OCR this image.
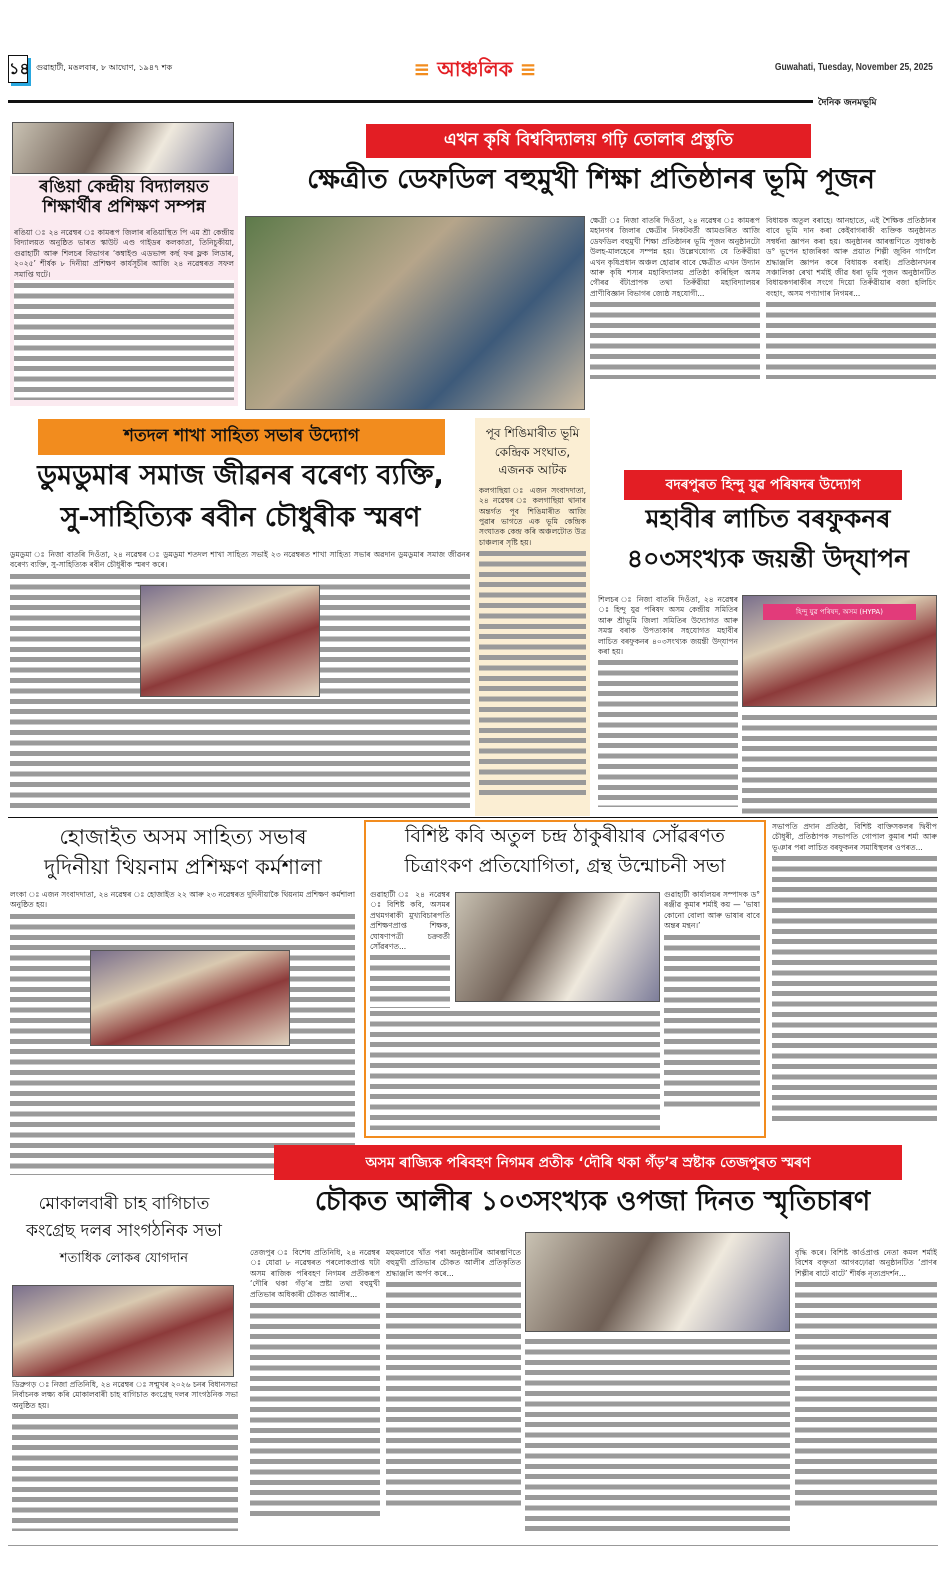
১৪ গুৱাহাটী, মঙলবাৰ, ৮ আঘোণ, ১৯৪৭ শক	≡ আঞ্চলিক ≡	Guwahati, Tuesday, November 25, 2025
দৈনিক জনমভূমি
ৰঙিয়া কেন্দ্ৰীয় বিদ্যালয়ত শিক্ষাৰ্থীৰ প্ৰশিক্ষণ সম্পন্ন
ৰঙিয়া ঃ ২৪ নৱেম্বৰ ঃ কামৰূপ জিলাৰ ৰঙিয়াস্থিত পি এম শ্ৰী কেন্দ্ৰীয় বিদ্যালয়ত অনুষ্ঠিত ভাৰত স্কাউট এণ্ড গাইডৰ কলকাতা, তিনিচুকীয়া, গুৱাহাটী আৰু শিলচৰ বিভাগৰ ‘কম্বাইণ্ড এডভান্স কৰ্ছ ফৰ ফ্লক লিডাৰ, ২০২৫’ শীৰ্ষক ৮ দিনীয়া প্ৰশিক্ষণ কাৰ্যসূচীৰ আজি ২৪ নৱেম্বৰত সফল সমাপ্তি ঘটে।
এখন কৃষি বিশ্ববিদ্যালয় গঢ়ি তোলাৰ প্ৰস্তুতি
ক্ষেত্ৰীত ডেফডিল বহুমুখী শিক্ষা প্ৰতিষ্ঠানৰ ভূমি পূজন
ক্ষেত্ৰী ঃ নিজা বাতৰি দিওঁতা, ২৪ নৱেম্বৰ ঃ কামৰূপ মহানগৰ জিলাৰ ক্ষেত্ৰীৰ নিকটবৰ্তী আমগুৰিত আজি ডেফডিল বহুমুখী শিক্ষা প্ৰতিষ্ঠানৰ ভূমি পূজন অনুষ্ঠানটো উলহ-মালহেৰে সম্পন্ন হয়। উল্লেখযোগ্য যে তিৰুঁৱীয়া এখন কৃষিপ্ৰধান অঞ্চল হোৱাৰ বাবে ক্ষেত্ৰীত এখন উদ্যান আৰু কৃষি শস্যৰ মহাবিদ্যালয় প্ৰতিষ্ঠা কৰিছিল অসম গৌৰৱ বঁটাপ্ৰাপক তথা তিৰুঁৱীয়া মহাবিদ্যালয়ৰ প্ৰাণীবিজ্ঞান বিভাগৰ জ্যেষ্ঠ সহযোগী...
বিধায়ক অতুল বৰাহে। আনহাতে, এই শৈক্ষিক প্ৰতিষ্ঠানৰ বাবে ভূমি দান কৰা কেইবাগৰাকী ব্যক্তিক অনুষ্ঠানত সম্বৰ্ধনা জ্ঞাপন কৰা হয়। অনুষ্ঠানৰ আৰম্ভণিতে সুধাকণ্ঠ ড° ভূপেন হাজৰিকা আৰু প্ৰয়াত শিল্পী জুবিন গাৰ্গলৈ শ্ৰদ্ধাঞ্জলি জ্ঞাপন কৰে বিধায়ক বৰাই। প্ৰতিষ্ঠানখনৰ সঞ্চালিকা ৰেখা শৰ্মাই জীৱ ধৰা ভূমি পূজন অনুষ্ঠানটিত বিধায়কগৰাকীৰ সংগে দিয়ো তিৰুঁৱীয়াৰ বজা হলিচিং বংহাং, অসম পণ্যাগাৰ নিগমৰ...
শতদল শাখা সাহিত্য সভাৰ উদ্যোগ
ডুমডুমাৰ সমাজ জীৱনৰ বৰেণ্য ব্যক্তি,
সু-সাহিত্যিক ৰবীন চৌধুৰীক স্মৰণ
ডুমডুমা ঃ নিজা বাতৰি দিওঁতা, ২৪ নৱেম্বৰ ঃ ডুমডুমা শতদল শাখা সাহিত্য সভাই ২৩ নৱেম্বৰত শাখা সাহিত্য সভাৰ অৱদান ডুমডুমাৰ সমাজ জীৱনৰ বৰেণ্য ব্যক্তি, সু-সাহিত্যিক ৰবীন চৌধুৰীক স্মৰণ কৰে।
পূব শিঙিমাৰীত ভূমি কেন্দ্ৰিক সংঘাত, এজনক আটক
কলগাছিয়া ঃ এজন সংবাদদাতা, ২৪ নৱেম্বৰ ঃ কলগাছিয়া থানাৰ অন্তৰ্গত পূব শিঙিমাৰীত আজি পুৱাৰ ভাগতে এক ভূমি কেন্দ্ৰিক সংঘাতক কেন্দ্ৰ কৰি অঞ্চলটোত উত্ৰ চাঞ্চল্যৰ সৃষ্টি হয়।
বদৰপুৰত হিন্দু যুৱ পৰিষদৰ উদ্যোগ
মহাবীৰ লাচিত বৰফুকনৰ
৪০৩সংখ্যক জয়ন্তী উদ্‌যাপন
শিলচৰ ঃ নিজা বাতৰি দিওঁতা, ২৪ নৱেম্বৰ ঃ হিন্দু যুৱ পৰিষদ অসম কেন্দ্ৰীয় সমিতিৰ আৰু শ্ৰীভূমি জিলা সমিতিৰ উদ্যোগত আৰু সমস্ত বৰাক উপত্যকাৰ সহযোগত মহাবীৰ লাচিত বৰফুকনৰ ৪০৩সংখ্যক জয়ন্তী উদ্‌যাপন কৰা হয়।
হিন্দু যুৱ পৰিষদ, অসম (HYPA)
হোজাইত অসম সাহিত্য সভাৰ
দুদিনীয়া থিয়নাম প্ৰশিক্ষণ কৰ্মশালা
লংকা ঃ এজন সংবাদদাতা, ২৪ নৱেম্বৰ ঃ হোজাইত ২২ আৰু ২৩ নৱেম্বৰত দুদিনীয়াকৈ থিয়নাম প্ৰশিক্ষণ কৰ্মশালা অনুষ্ঠিত হয়।
বিশিষ্ট কবি অতুল চন্দ্ৰ ঠাকুৰীয়াৰ সোঁৱৰণত
চিত্ৰাংকণ প্ৰতিযোগিতা, গ্ৰন্থ উন্মোচনী সভা
গুৱাহাটী ঃ ২৪ নৱেম্বৰ ঃ বিশিষ্ট কবি, অসমৰ প্ৰথমগৰাকী মুখ্যবিচাৰপতি প্ৰশিক্ষণপ্ৰাপ্ত শিক্ষক, ঘোষণাপত্ৰী চক্ৰবৰ্তী সোঁৱৰণত...
গুৱাহাটী কাৰ্যালয়ৰ সম্পাদক ড° ৰঞ্জীৱ কুমাৰ শৰ্মাই কয় — ‘ভাষা কোনো বোলা আৰু ভাষাৰ বাবে অন্তৰ মন্থন।’
সভাপতি প্ৰদান প্ৰতিষ্ঠা, বিশিষ্ট বাক্তিসকলৰ দ্বিবীপ চৌধুৰী, প্ৰতিষ্ঠাপক সভাপতি গোপাল কুমাৰ শৰ্মা আৰু ভূঞাৰ পৰা লাচিত বৰফুকনৰ সমাধিস্থলৰ ওপৰত...
অসম ৰাজ্যিক পৰিবহণ নিগমৰ প্ৰতীক ‘দৌৰি থকা গঁড়’ৰ স্ৰষ্টাক তেজপুৰত স্মৰণ
চৌকত আলীৰ ১০৩সংখ্যক ওপজা দিনত স্মৃতিচাৰণ
তেজপুৰ ঃ বিশেষ প্ৰতিনিধি, ২৪ নৱেম্বৰ ঃ যোৱা ৮ নৱেম্বৰত পৰলোকপ্ৰাপ্ত ঘটা অসম ৰাজিক পৰিবহণ নিগমৰ প্ৰতীকৰূপ ‘দৌৰি থকা গঁড়’ৰ স্ৰষ্টা তথা বহুমুখী প্ৰতিভাৰ অধিকাৰী চৌকত আলীৰ...
মহুমলাবে খাঁত পৰা অনুষ্ঠানটিৰ আৰম্ভণিতে বহুমুখী প্ৰতিভাৰ চৌকত আলীৰ প্ৰতিকৃতিত শ্ৰদ্ধাঞ্জলি অৰ্পণ কৰে...
বৃদ্ধি কৰে। বিশিষ্ট কাৰ্ওপ্ৰাপ্ত নেতা কমল শৰ্মাই বিশেষ বক্তৃতা আগবঢ়োৱা অনুষ্ঠানটিত ‘প্ৰাণৰ শিল্পীৰ বাটে বাটে’ শীৰ্ষক নৃত্যপ্ৰদৰ্শন...
মোকালবাৰী চাহ বাগিচাত
কংগ্ৰেছ দলৰ সাংগঠনিক সভা
শতাধিক লোকৰ যোগদান
ডিব্ৰুগড় ঃ নিজা প্ৰতিনিধি, ২৪ নৱেম্বৰ ঃ সন্মুখৰ ২০২৬ চনৰ বিধানসভা নিৰ্বাচনক লক্ষ্য কৰি মোকালবাৰী চাহ বাগিচাত কংগ্ৰেছ দলৰ সাংগঠনিক সভা অনুষ্ঠিত হয়।
